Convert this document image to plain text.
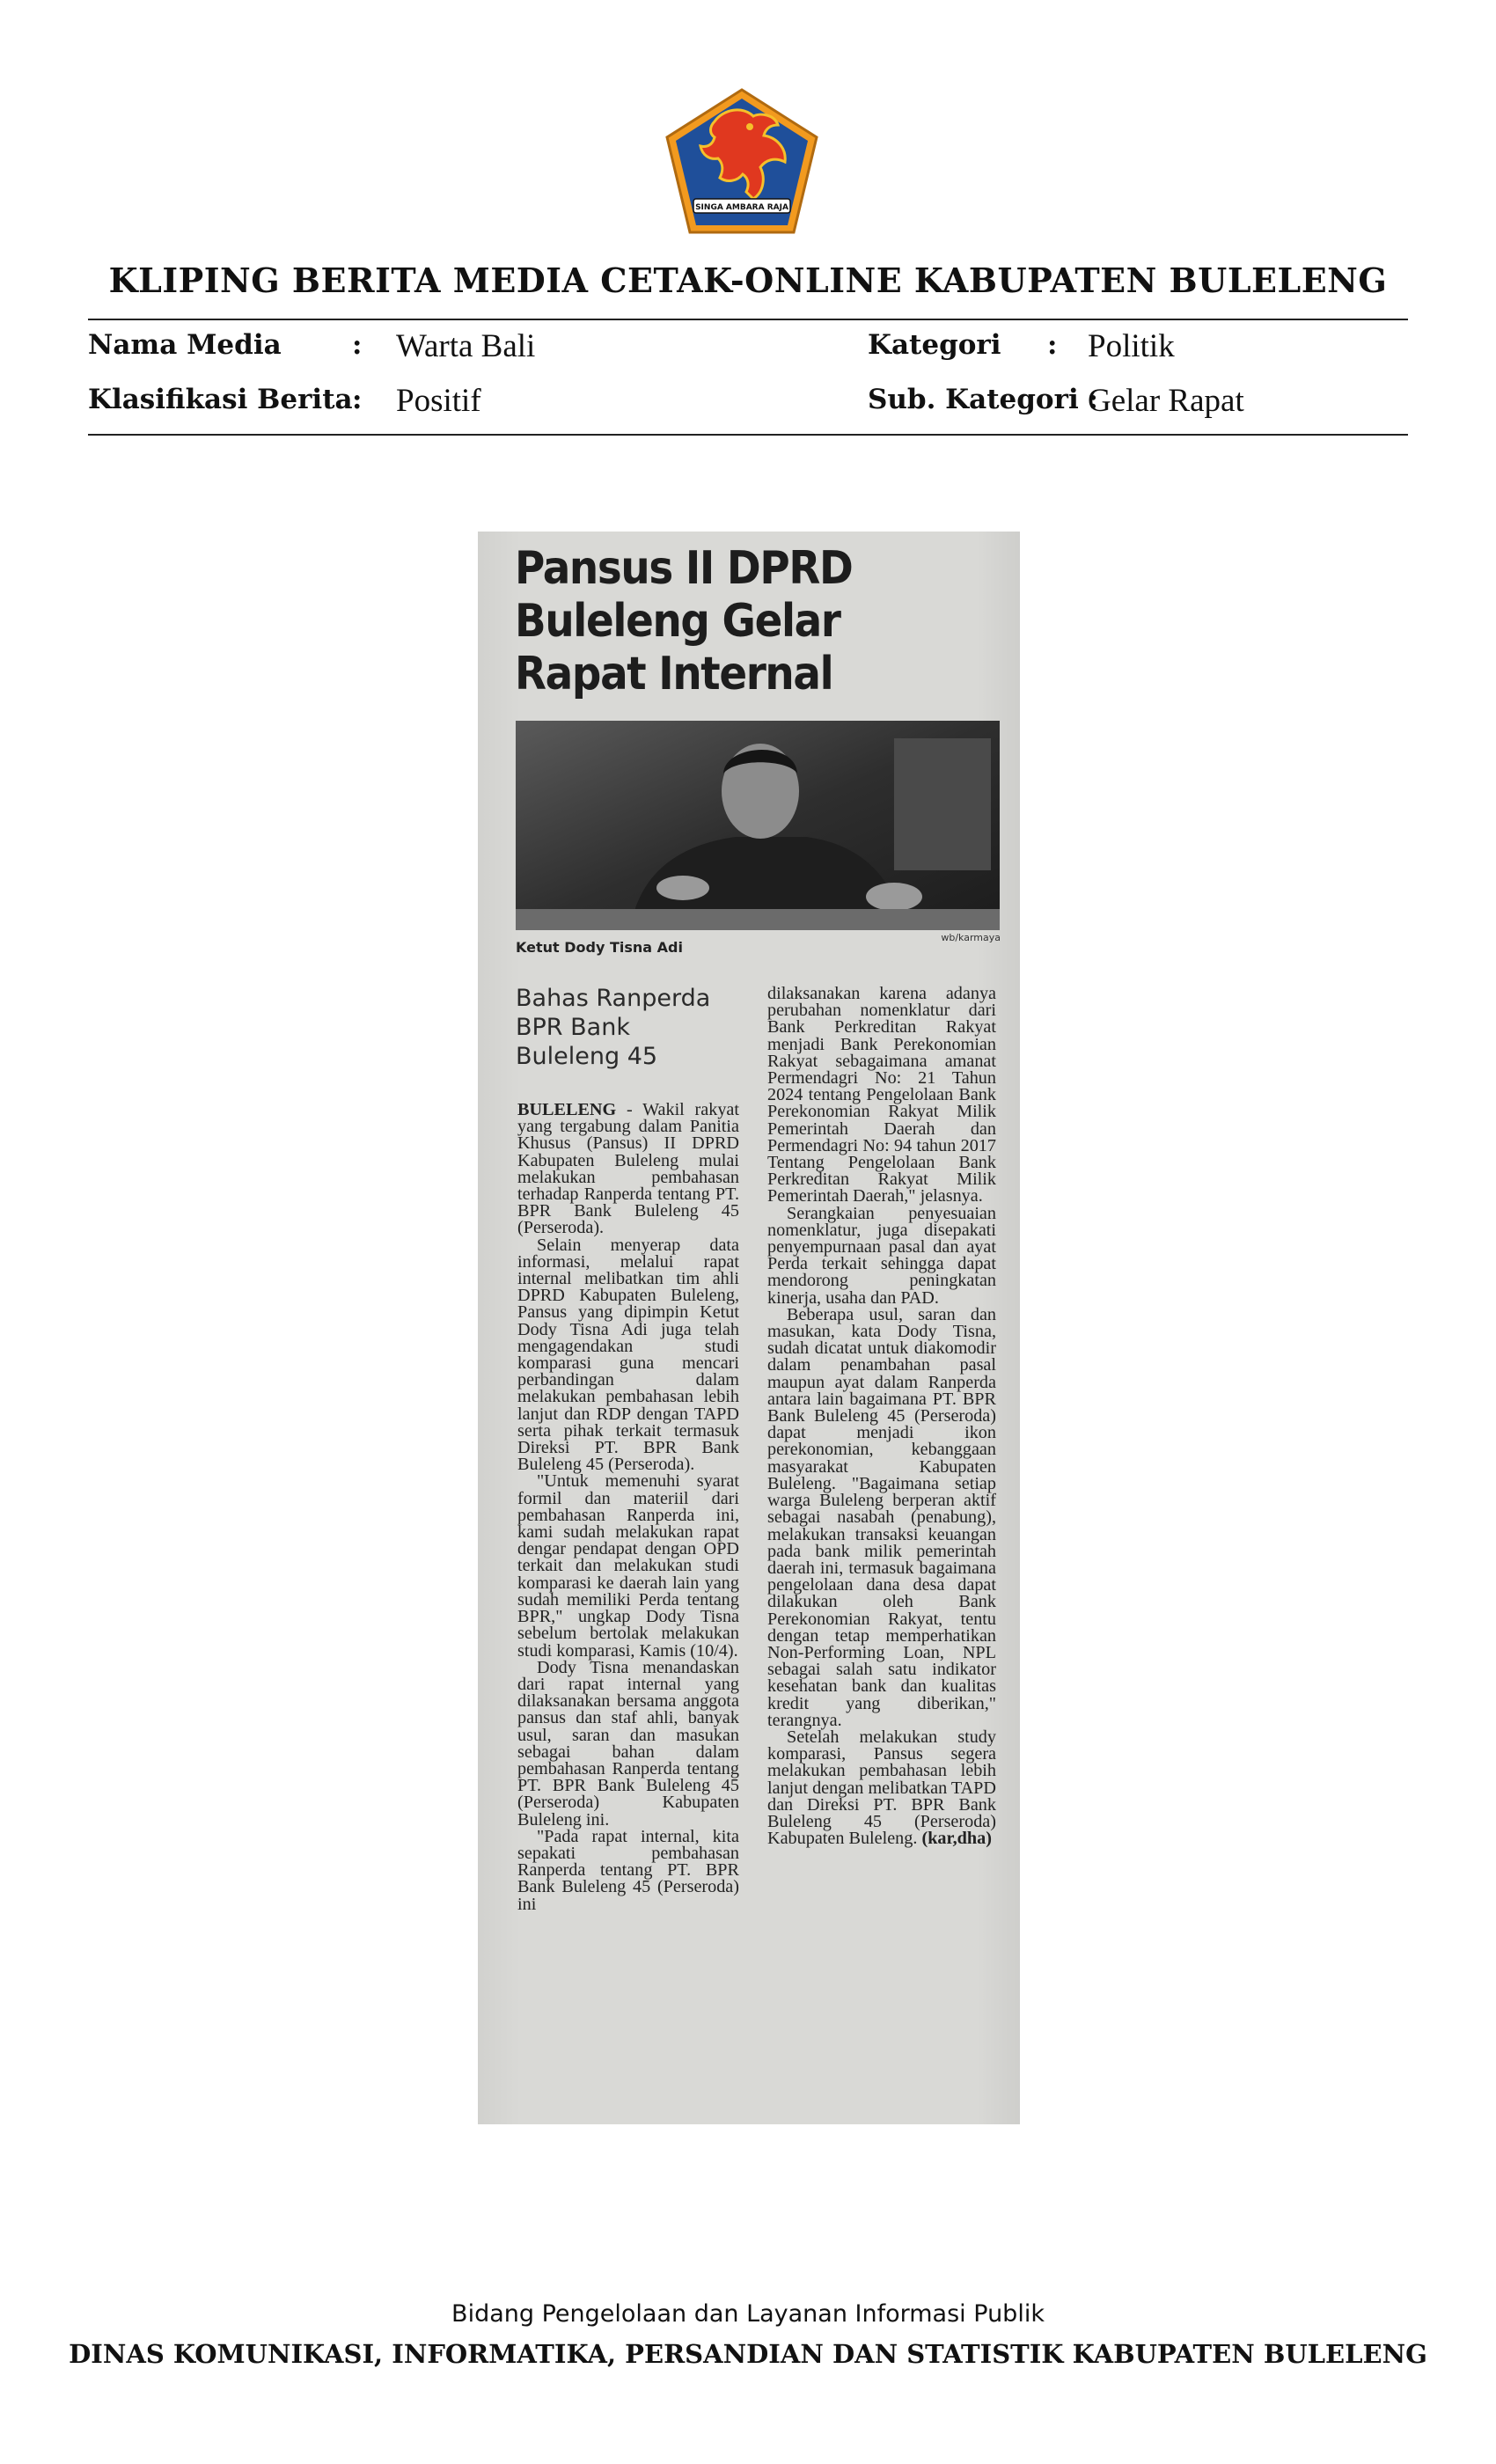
SINGA AMBARA RAJA
KLIPING BERITA MEDIA CETAK-ONLINE KABUPATEN BULELENG
Nama Media	: Warta Bali
Klasifikasi Berita : Positif
Kategori : Politik
Sub. Kategori :
Gelar Rapat
Pansus II DPRD Buleleng Gelar Rapat Internal
wb/karmaya
Ketut Dody Tisna Adi
Bahas Ranperda BPR Bank Buleleng 45

BULELENG - Wakil rakyat yang tergabung dalam Panitia Khusus (Pansus) II DPRD Kabupaten Buleleng mulai melakukan pembahasan terhadap Ranperda tentang PT. BPR Bank Buleleng 45 (Perseroda).

Selain menyerap data informasi, melalui rapat internal melibatkan tim ahli DPRD Kabupaten Buleleng, Pansus yang dipimpin Ketut Dody Tisna Adi juga telah mengagendakan studi komparasi guna mencari perbandingan dalam melakukan pembahasan lebih lanjut dan RDP dengan TAPD serta pihak terkait termasuk Direksi PT. BPR Bank Buleleng 45 (Perseroda).

"Untuk memenuhi syarat formil dan materiil dari pembahasan Ranperda ini, kami sudah melakukan rapat dengar pendapat dengan OPD terkait dan melakukan studi komparasi ke daerah lain yang sudah memiliki Perda tentang BPR," ungkap Dody Tisna sebelum bertolak melakukan studi komparasi, Kamis (10/4).

Dody Tisna menandaskan dari rapat internal yang dilaksanakan bersama anggota pansus dan staf ahli, banyak usul, saran dan masukan sebagai bahan dalam pembahasan Ranperda tentang PT. BPR Bank Buleleng 45 (Perseroda) Kabupaten Buleleng ini.

"Pada rapat internal, kita sepakati pembahasan Ranperda tentang PT. BPR Bank Buleleng 45 (Perseroda) ini

dilaksanakan karena adanya perubahan nomenklatur dari Bank Perkreditan Rakyat menjadi Bank Perekonomian Rakyat sebagaimana amanat Permendagri No: 21 Tahun 2024 tentang Pengelolaan Bank Perekonomian Rakyat Milik Pemerintah Daerah dan Permendagri No: 94 tahun 2017 Tentang Pengelolaan Bank Perkreditan Rakyat Milik Pemerintah Daerah," jelasnya.

Serangkaian penyesuaian nomenklatur, juga disepakati penyempurnaan pasal dan ayat Perda terkait sehingga dapat mendorong peningkatan kinerja, usaha dan PAD.

Beberapa usul, saran dan masukan, kata Dody Tisna, sudah dicatat untuk diakomodir dalam penambahan pasal maupun ayat dalam Ranperda antara lain bagaimana PT. BPR Bank Buleleng 45 (Perseroda) dapat menjadi ikon perekonomian, kebanggaan masyarakat Kabupaten Buleleng. "Bagaimana setiap warga Buleleng berperan aktif sebagai nasabah (penabung), melakukan transaksi keuangan pada bank milik pemerintah daerah ini, termasuk bagaimana pengelolaan dana desa dapat dilakukan oleh Bank Perekonomian Rakyat, tentu dengan tetap memperhatikan Non-Performing Loan, NPL sebagai salah satu indikator kesehatan bank dan kualitas kredit yang diberikan," terangnya.

Setelah melakukan study komparasi, Pansus segera melakukan pembahasan lebih lanjut dengan melibatkan TAPD dan Direksi PT. BPR Bank Buleleng 45 (Perseroda) Kabupaten Buleleng. (kar,dha)

Bidang Pengelolaan dan Layanan Informasi Publik
DINAS KOMUNIKASI, INFORMATIKA, PERSANDIAN DAN STATISTIK KABUPATEN BULELENG
